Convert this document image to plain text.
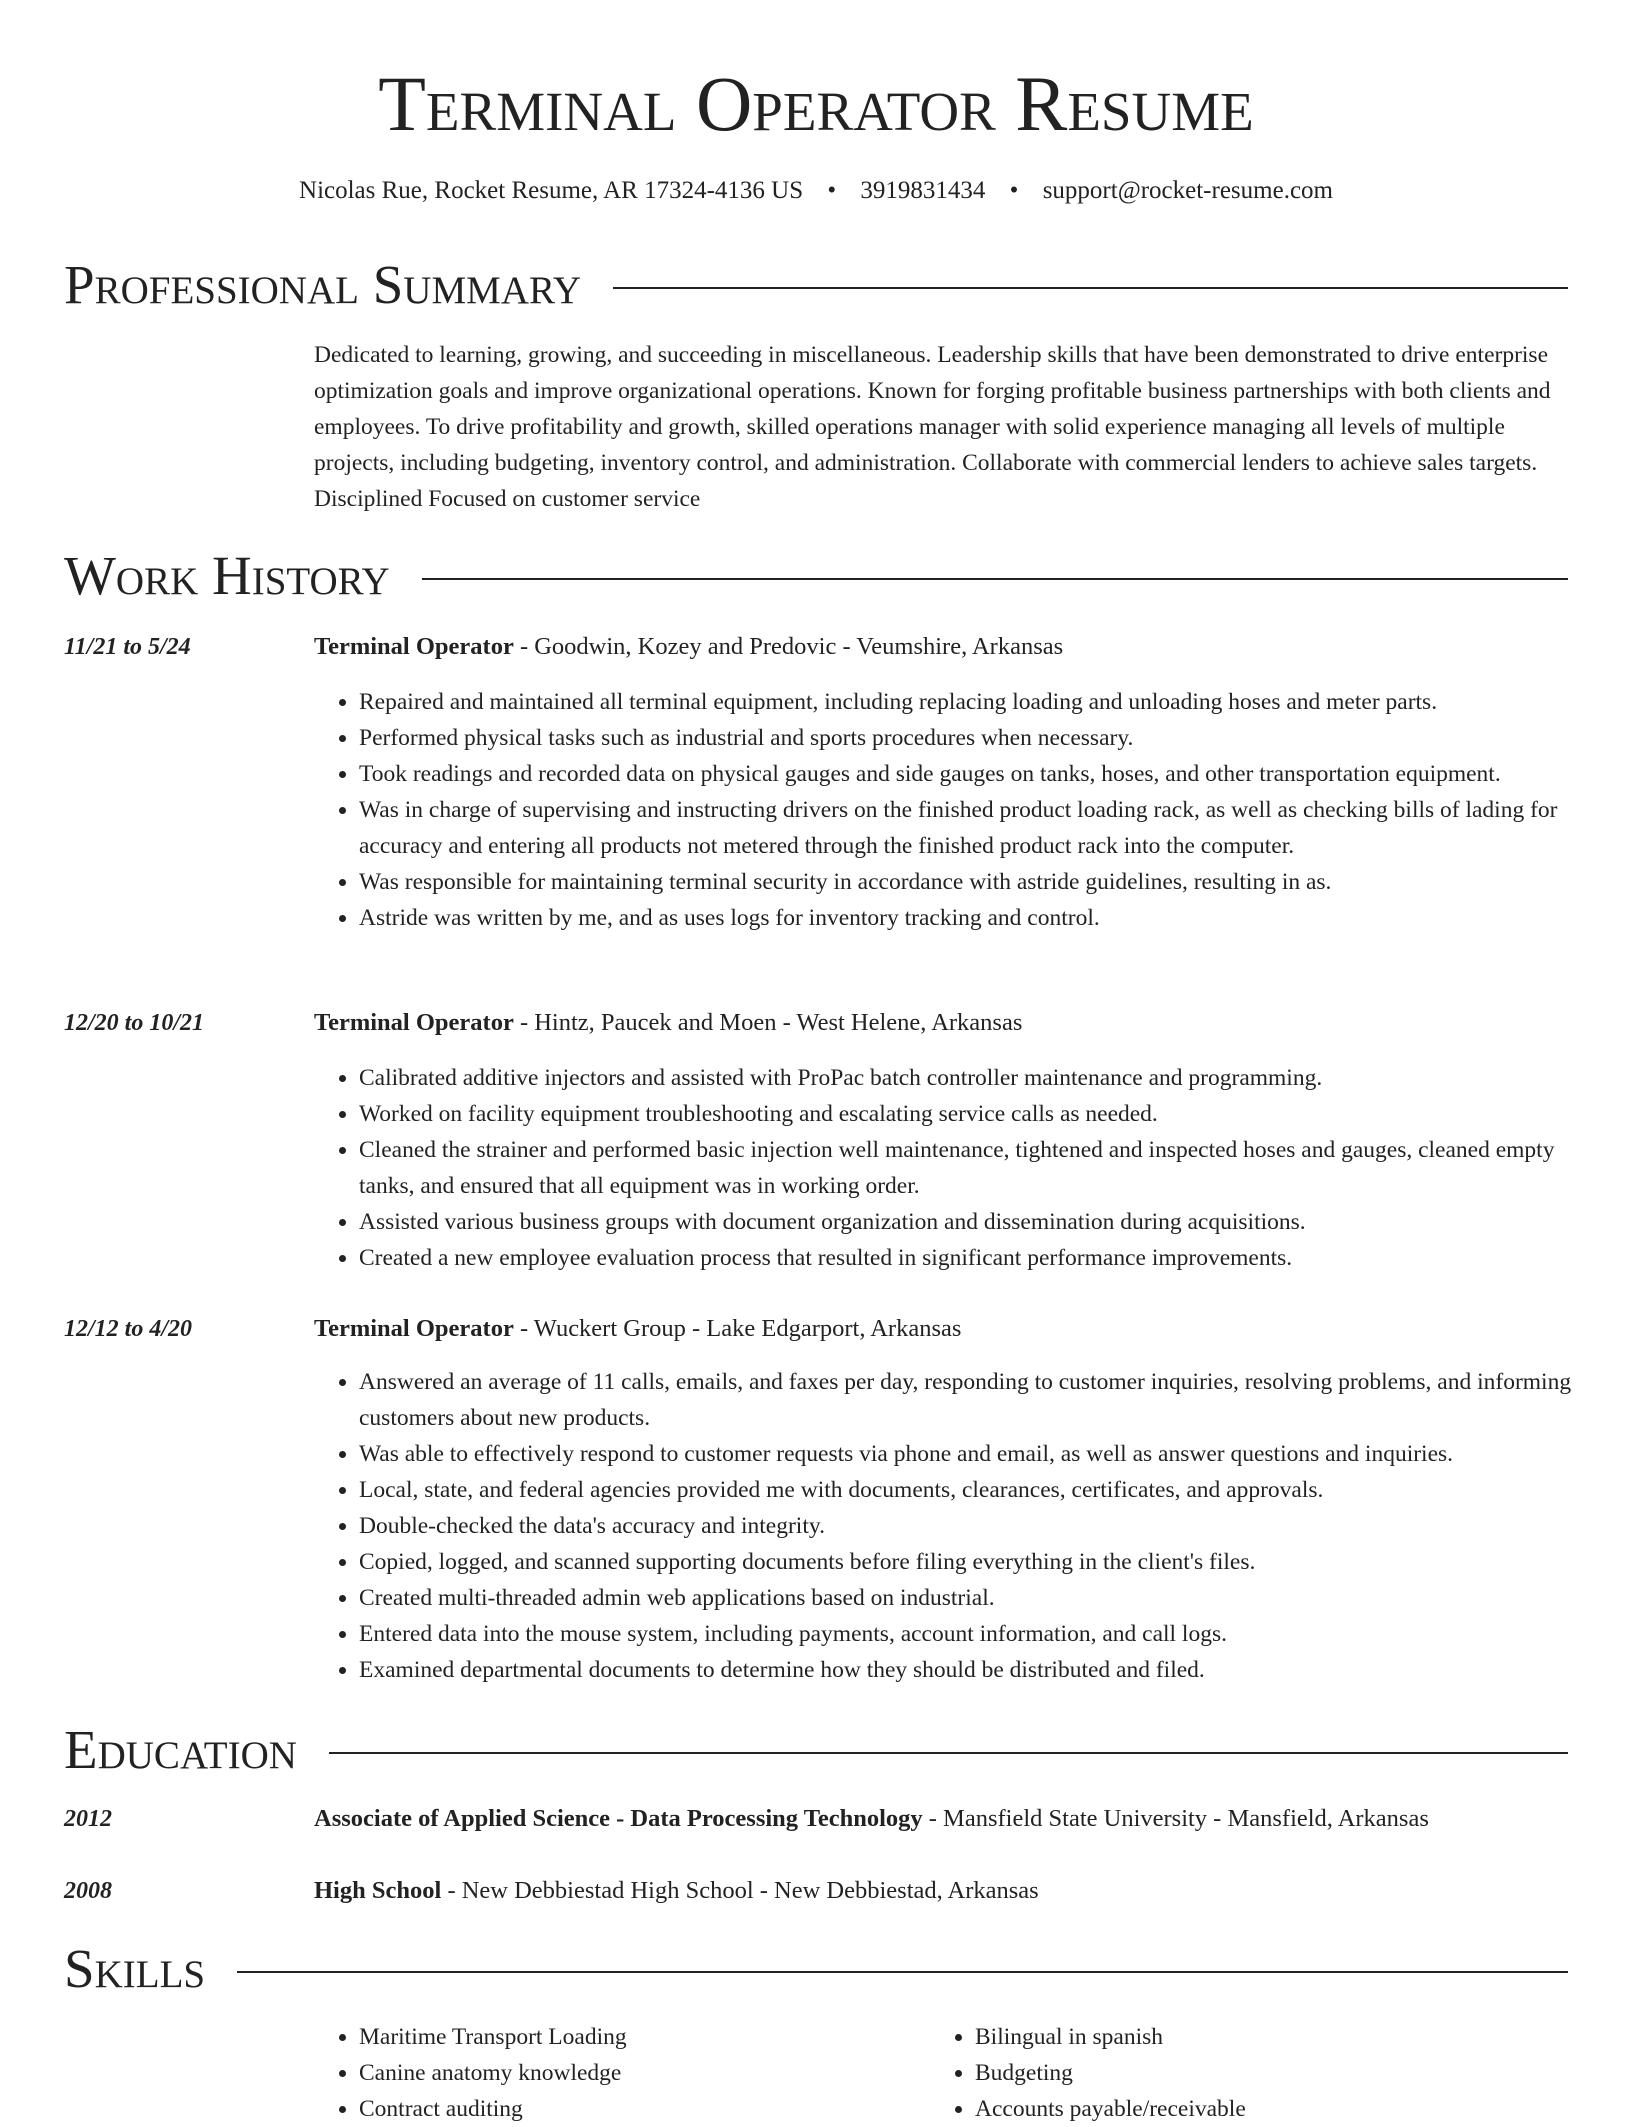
Terminal Operator Resume
Nicolas Rue, Rocket Resume, AR 17324-4136 US • 3919831434 • support@rocket-resume.com
Professional Summary

Dedicated to learning, growing, and succeeding in miscellaneous. Leadership skills that have been demonstrated to drive enterprise optimization goals and improve organizational operations. Known for forging profitable business partnerships with both clients and employees. To drive profitability and growth, skilled operations manager with solid experience managing all levels of multiple projects, including budgeting, inventory control, and administration. Collaborate with commercial lenders to achieve sales targets. Disciplined Focused on customer service

Work History
11/21 to 5/24	Terminal Operator - Goodwin, Kozey and Predovic - Veumshire, Arkansas
• Repaired and maintained all terminal equipment, including replacing loading and unloading hoses and meter parts.
• Performed physical tasks such as industrial and sports procedures when necessary.
• Took readings and recorded data on physical gauges and side gauges on tanks, hoses, and other transportation equipment.
• Was in charge of supervising and instructing drivers on the finished product loading rack, as well as checking bills of lading for accuracy and entering all products not metered through the finished product rack into the computer.
• Was responsible for maintaining terminal security in accordance with astride guidelines, resulting in as.
• Astride was written by me, and as uses logs for inventory tracking and control.
12/20 to 10/21	Terminal Operator - Hintz, Paucek and Moen - West Helene, Arkansas
• Calibrated additive injectors and assisted with ProPac batch controller maintenance and programming.
• Worked on facility equipment troubleshooting and escalating service calls as needed.
• Cleaned the strainer and performed basic injection well maintenance, tightened and inspected hoses and gauges, cleaned empty tanks, and ensured that all equipment was in working order.
• Assisted various business groups with document organization and dissemination during acquisitions.
• Created a new employee evaluation process that resulted in significant performance improvements.
12/12 to 4/20	Terminal Operator - Wuckert Group - Lake Edgarport, Arkansas
• Answered an average of 11 calls, emails, and faxes per day, responding to customer inquiries, resolving problems, and informing customers about new products.
• Was able to effectively respond to customer requests via phone and email, as well as answer questions and inquiries.
• Local, state, and federal agencies provided me with documents, clearances, certificates, and approvals.
• Double-checked the data's accuracy and integrity.
• Copied, logged, and scanned supporting documents before filing everything in the client's files.
• Created multi-threaded admin web applications based on industrial.
• Entered data into the mouse system, including payments, account information, and call logs.
• Examined departmental documents to determine how they should be distributed and filed.
Education
2012	Associate of Applied Science - Data Processing Technology - Mansfield State University - Mansfield, Arkansas
2008	High School - New Debbiestad High School - New Debbiestad, Arkansas
Skills
• Maritime Transport Loading
• Canine anatomy knowledge
• Contract auditing
• Bilingual in spanish
• Budgeting
• Accounts payable/receivable
